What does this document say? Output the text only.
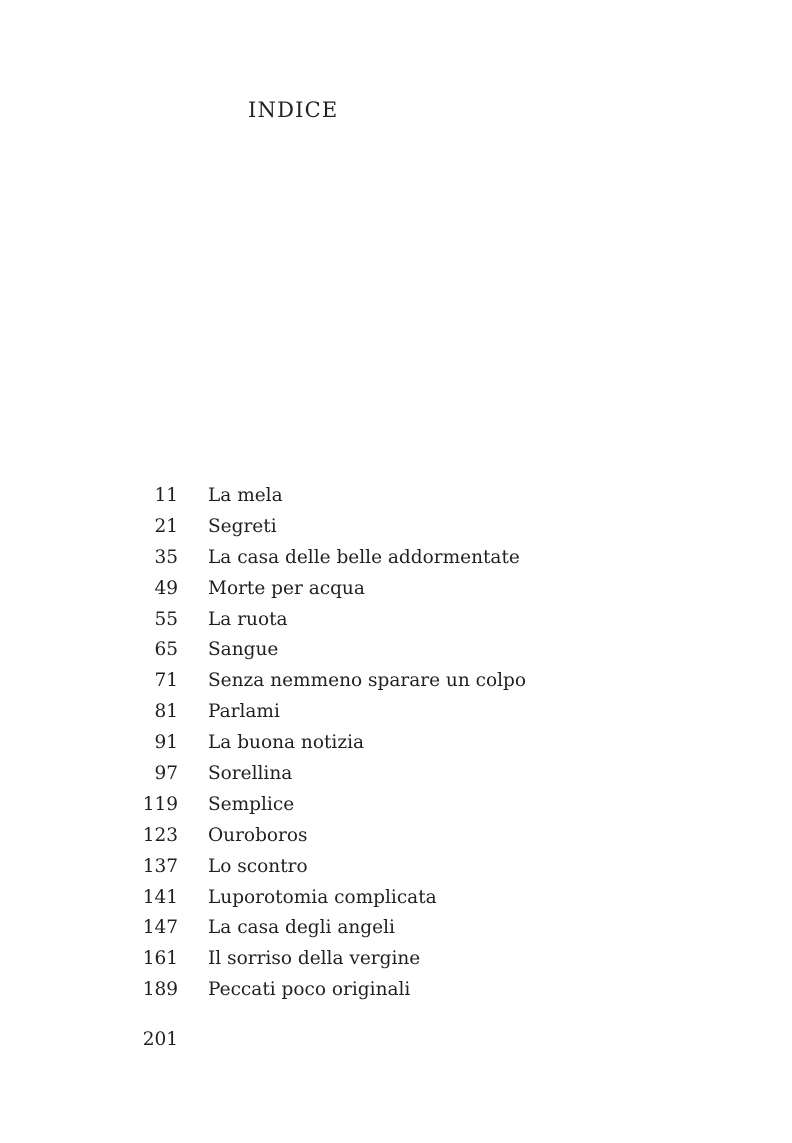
INDICE
11 La mela
21 Segreti
35 La casa delle belle addormentate
49 Morte per acqua
55 La ruota
65 Sangue
71 Senza nemmeno sparare un colpo
81 Parlami
91 La buona notizia
97 Sorellina
119 Semplice
123 Ouroboros
137 Lo scontro
141 Luporotomia complicata
147 La casa degli angeli
161 Il sorriso della vergine
189 Peccati poco originali
201
